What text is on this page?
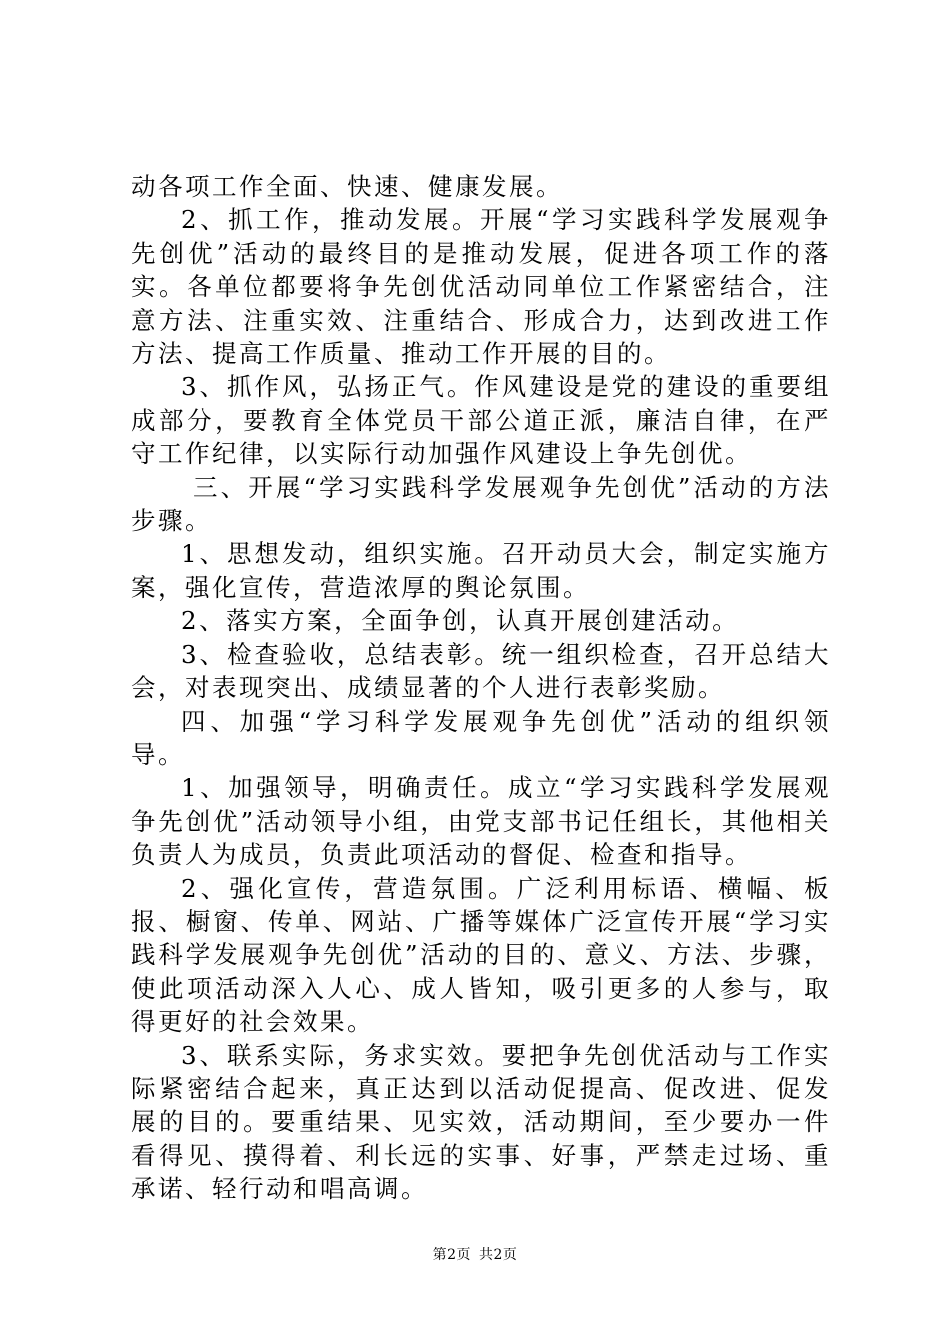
动各项工作全面、快速、健康发展。

2、抓工作，推动发展。开展“学习实践科学发展观争先创优”活动的最终目的是推动发展，促进各项工作的落实。各单位都要将争先创优活动同单位工作紧密结合，注意方法、注重实效、注重结合、形成合力，达到改进工作方法、提高工作质量、推动工作开展的目的。

3、抓作风，弘扬正气。作风建设是党的建设的重要组成部分，要教育全体党员干部公道正派，廉洁自律，在严守工作纪律，以实际行动加强作风建设上争先创优。

三、开展“学习实践科学发展观争先创优”活动的方法步骤。

1、思想发动，组织实施。召开动员大会，制定实施方案，强化宣传，营造浓厚的舆论氛围。

2、落实方案，全面争创，认真开展创建活动。

3、检查验收，总结表彰。统一组织检查，召开总结大会，对表现突出、成绩显著的个人进行表彰奖励。

四、加强“学习科学发展观争先创优”活动的组织领导。

1、加强领导，明确责任。成立“学习实践科学发展观争先创优”活动领导小组，由党支部书记任组长，其他相关负责人为成员，负责此项活动的督促、检查和指导。

2、强化宣传，营造氛围。广泛利用标语、横幅、板报、橱窗、传单、网站、广播等媒体广泛宣传开展“学习实践科学发展观争先创优”活动的目的、意义、方法、步骤，使此项活动深入人心、成人皆知，吸引更多的人参与，取得更好的社会效果。

3、联系实际，务求实效。要把争先创优活动与工作实际紧密结合起来，真正达到以活动促提高、促改进、促发展的目的。要重结果、见实效，活动期间，至少要办一件看得见、摸得着、利长远的实事、好事，严禁走过场、重承诺、轻行动和唱高调。

第2页 共2页
